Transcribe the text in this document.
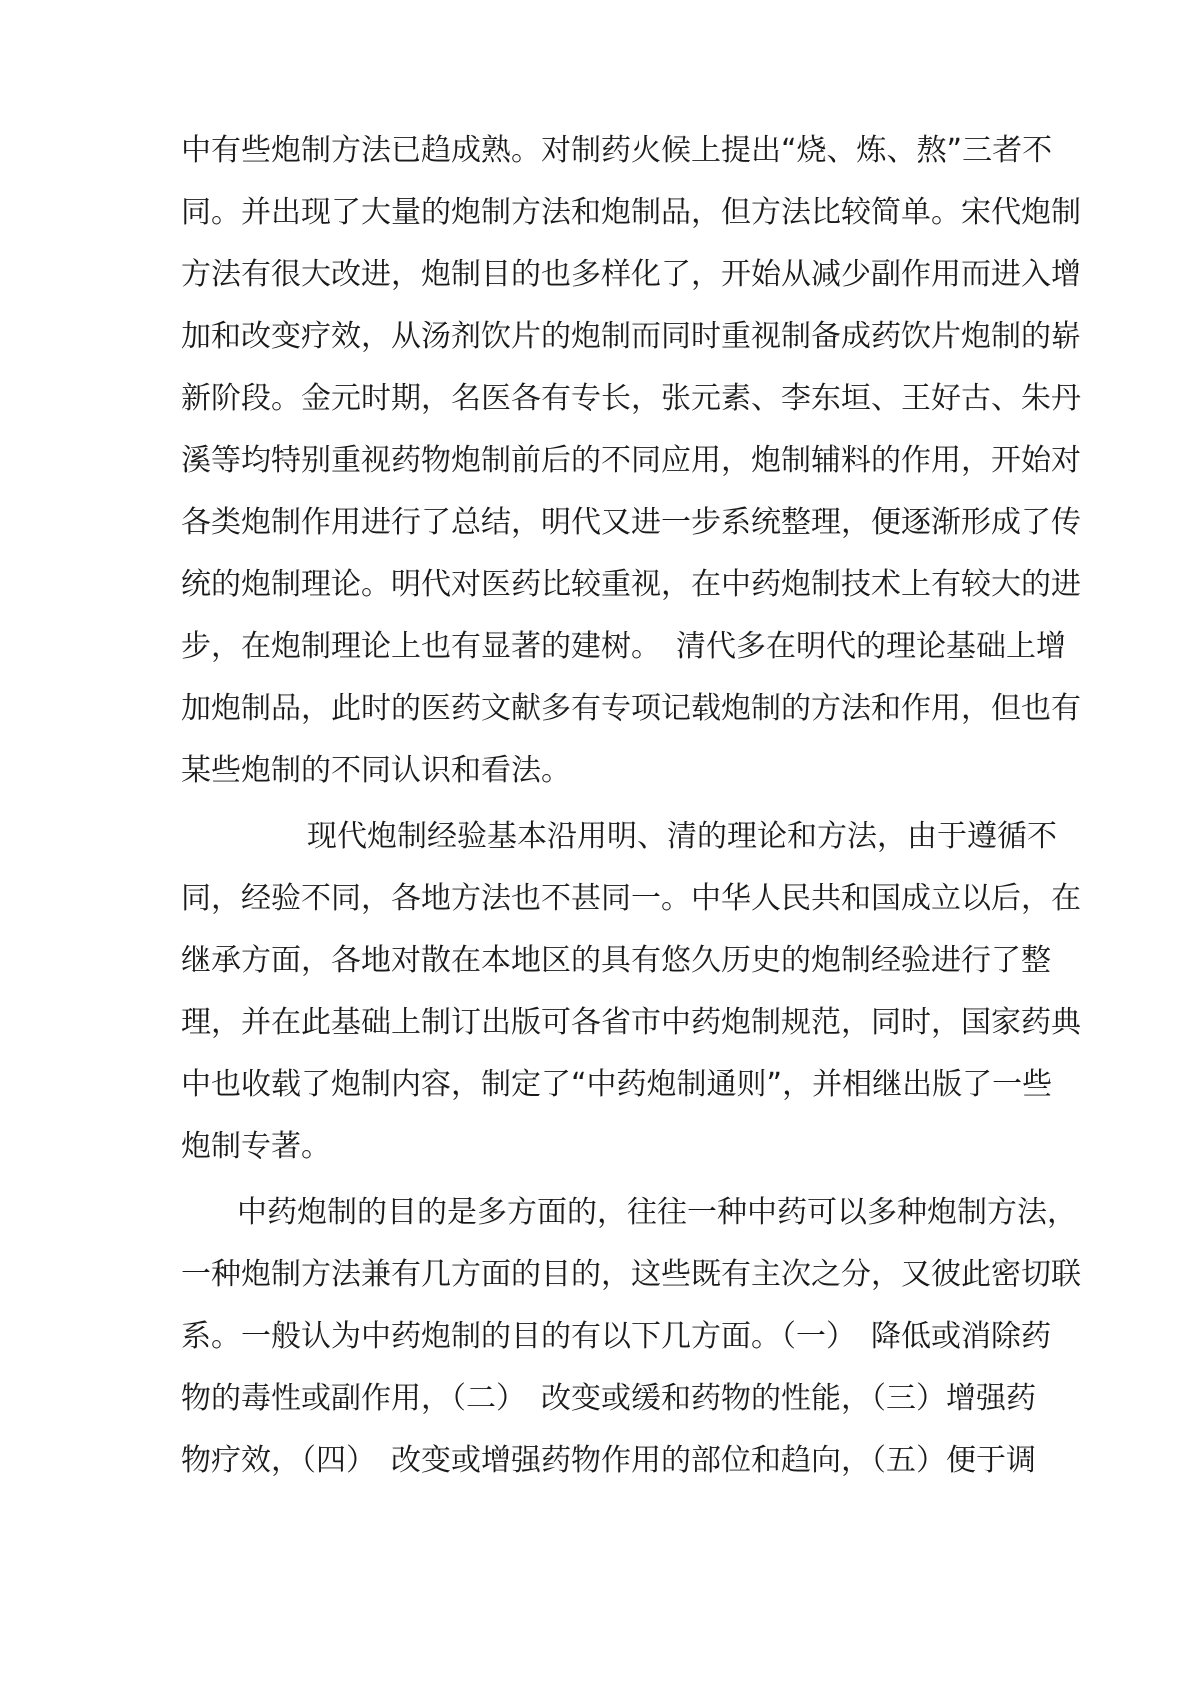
中有些炮制方法已趋成熟。对制药火候上提出“烧、炼、熬”三者不
同。并出现了大量的炮制方法和炮制品，但方法比较简单。宋代炮制
方法有很大改进，炮制目的也多样化了，开始从减少副作用而进入增
加和改变疗效，从汤剂饮片的炮制而同时重视制备成药饮片炮制的崭
新阶段。金元时期，名医各有专长，张元素、李东垣、王好古、朱丹
溪等均特别重视药物炮制前后的不同应用，炮制辅料的作用，开始对
各类炮制作用进行了总结，明代又进一步系统整理，便逐渐形成了传
统的炮制理论。明代对医药比较重视，在中药炮制技术上有较大的进
步，在炮制理论上也有显著的建树。　清代多在明代的理论基础上增
加炮制品，此时的医药文献多有专项记载炮制的方法和作用，但也有
某些炮制的不同认识和看法。
现代炮制经验基本沿用明、清的理论和方法，由于遵循不
同，经验不同，各地方法也不甚同一。中华人民共和国成立以后，在
继承方面，各地对散在本地区的具有悠久历史的炮制经验进行了整
理，并在此基础上制订出版可各省市中药炮制规范，同时，国家药典
中也收载了炮制内容，制定了“中药炮制通则”，并相继出版了一些
炮制专著。
中药炮制的目的是多方面的，往往一种中药可以多种炮制方法，
一种炮制方法兼有几方面的目的，这些既有主次之分，又彼此密切联
系。一般认为中药炮制的目的有以下几方面。（一）　降低或消除药
物的毒性或副作用，（二）　改变或缓和药物的性能，（三）增强药
物疗效，（四）　改变或增强药物作用的部位和趋向，（五）便于调
